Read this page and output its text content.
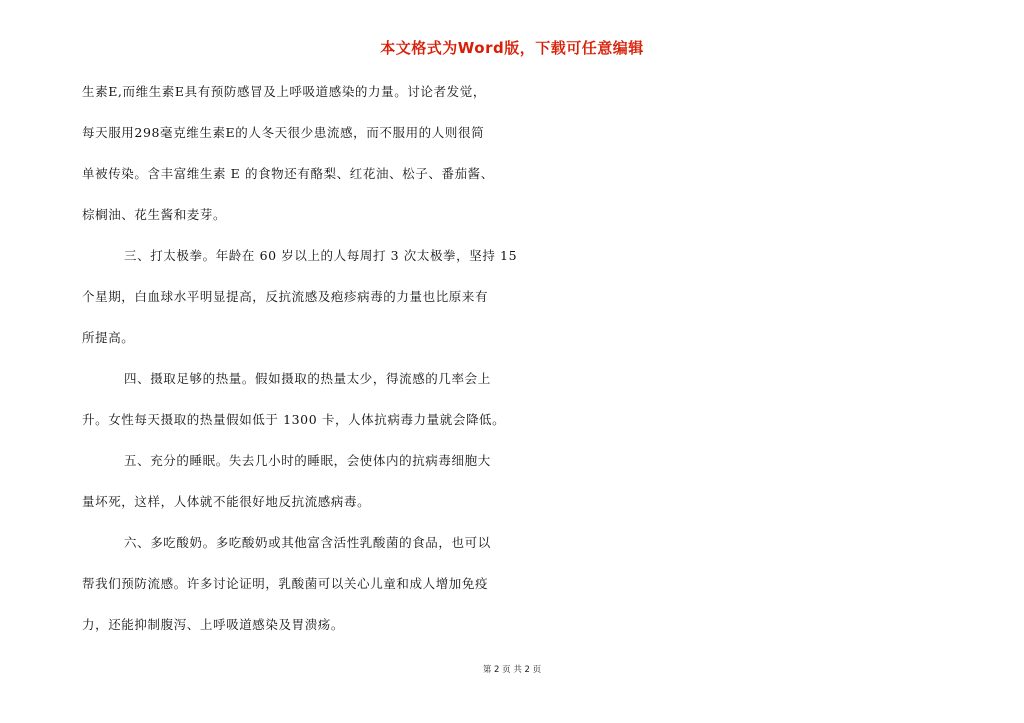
本文格式为Word版，下载可任意编辑
生素E,而维生素E具有预防感冒及上呼吸道感染的力量。讨论者发觉，
每天服用298毫克维生素E的人冬天很少患流感，而不服用的人则很简
单被传染。含丰富维生素 E 的食物还有酪梨、红花油、松子、番茄酱、
棕榈油、花生酱和麦芽。
三、打太极拳。年龄在 60 岁以上的人每周打 3 次太极拳，坚持 15
个星期，白血球水平明显提高，反抗流感及疱疹病毒的力量也比原来有
所提高。
四、摄取足够的热量。假如摄取的热量太少，得流感的几率会上
升。女性每天摄取的热量假如低于 1300 卡，人体抗病毒力量就会降低。
五、充分的睡眠。失去几小时的睡眠，会使体内的抗病毒细胞大
量坏死，这样，人体就不能很好地反抗流感病毒。
六、多吃酸奶。多吃酸奶或其他富含活性乳酸菌的食品，也可以
帮我们预防流感。许多讨论证明，乳酸菌可以关心儿童和成人增加免疫
力，还能抑制腹泻、上呼吸道感染及胃溃疡。
第 2 页 共 2 页
